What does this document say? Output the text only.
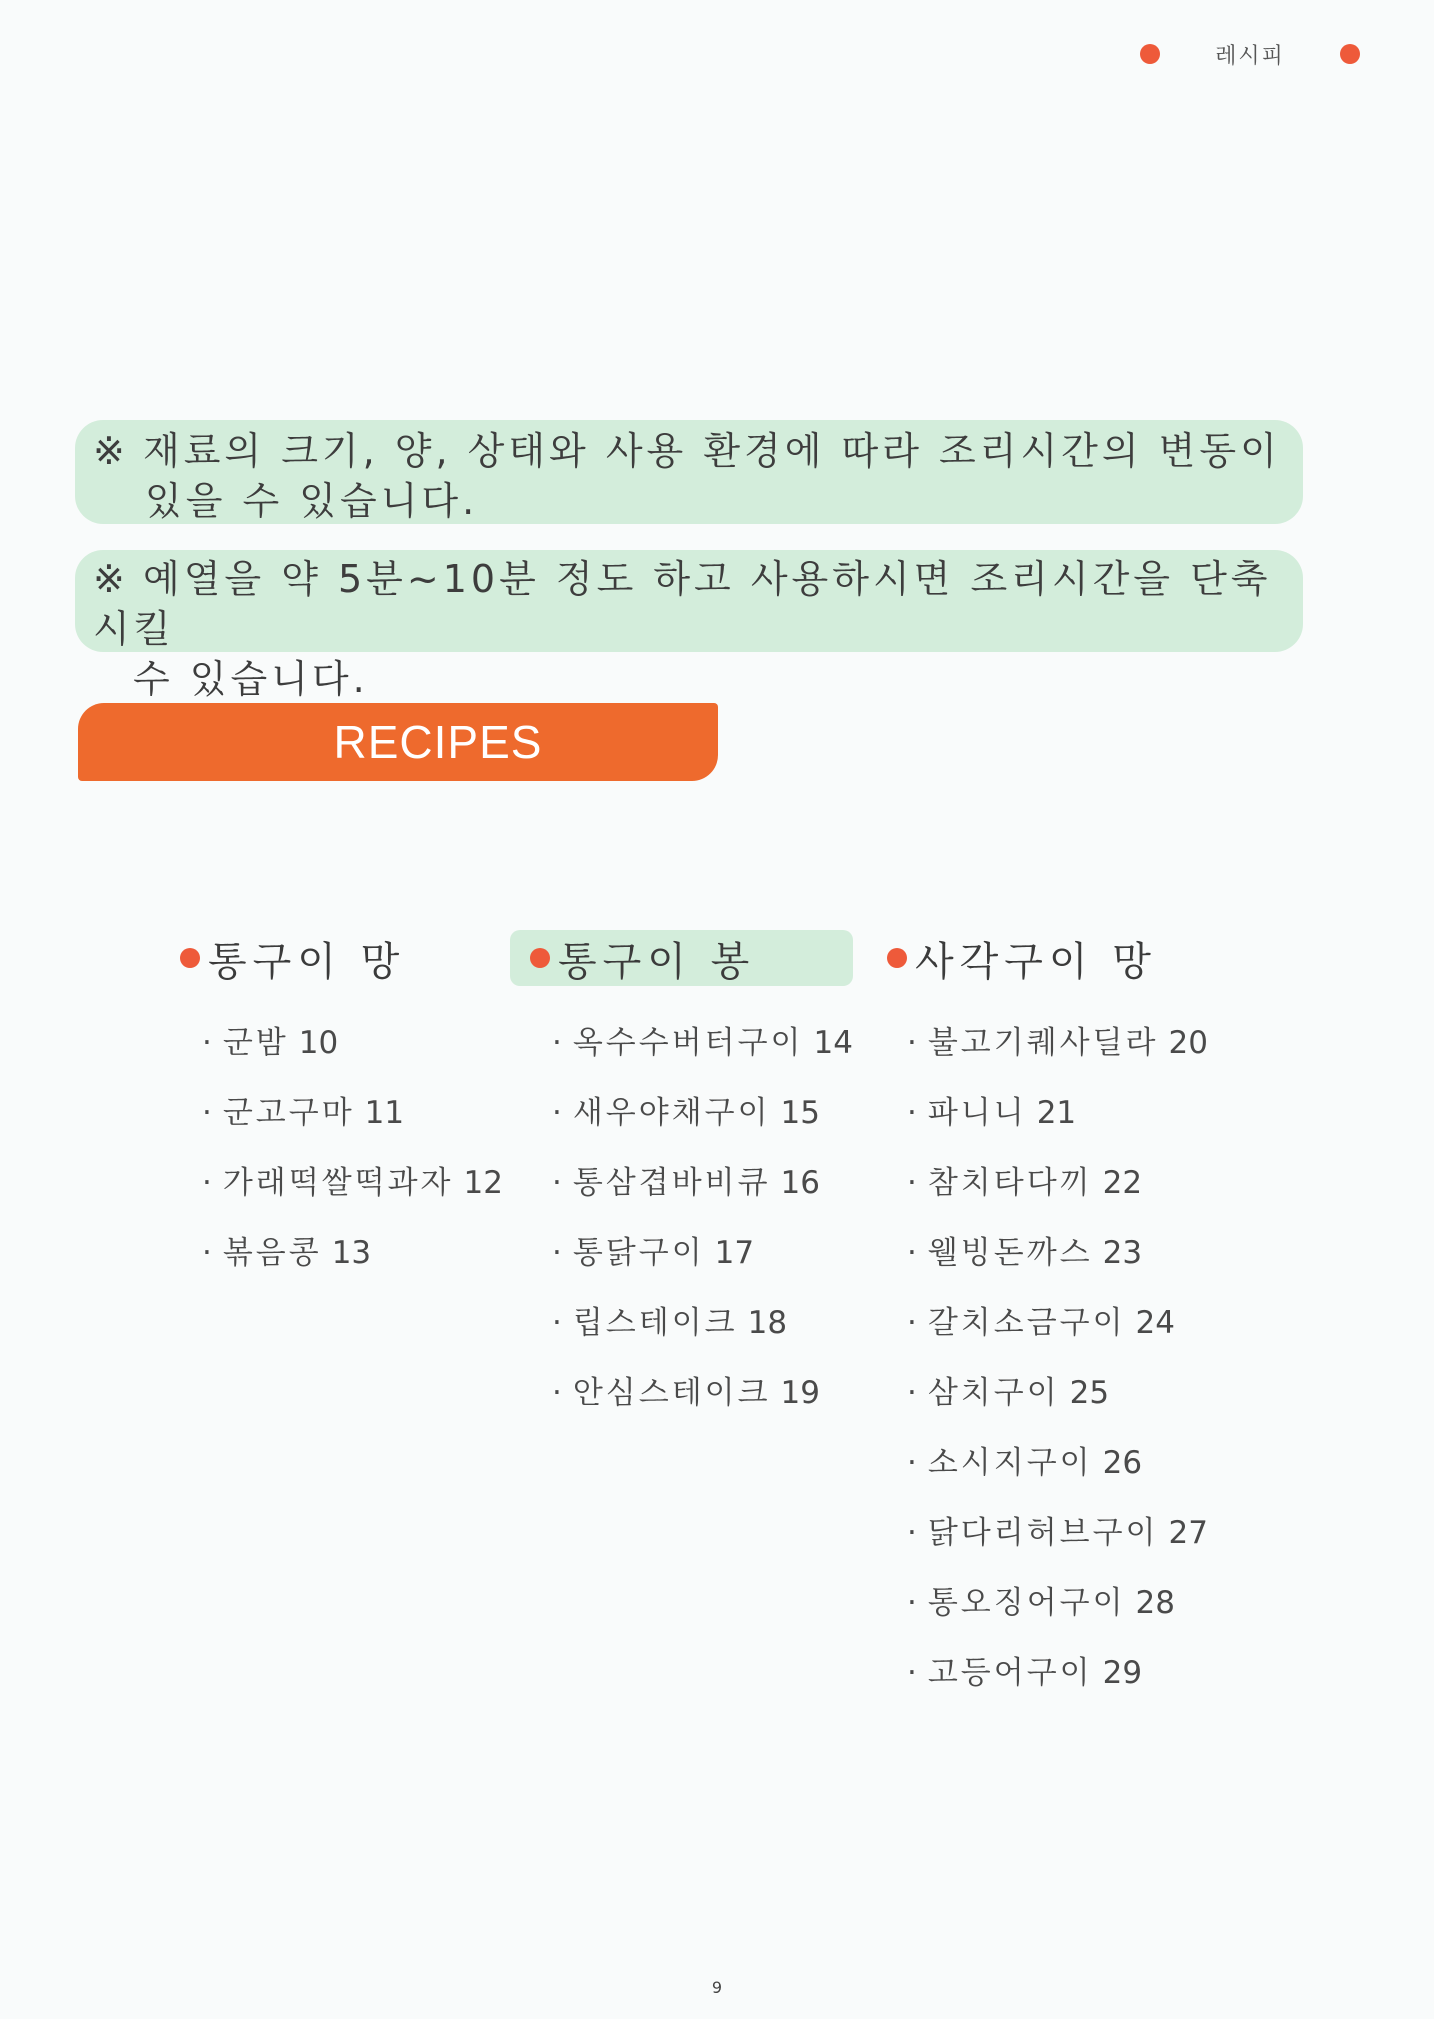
레시피
※ 재료의 크기, 양, 상태와 사용 환경에 따라 조리시간의 변동이
있을 수 있습니다.
※ 예열을 약 5분~10분 정도 하고 사용하시면 조리시간을 단축시킬
수 있습니다.
RECIPES
통구이 망
· 군밤 10
· 군고구마 11
· 가래떡쌀떡과자 12
· 볶음콩 13
통구이 봉
· 옥수수버터구이 14
· 새우야채구이 15
· 통삼겹바비큐 16
· 통닭구이 17
· 립스테이크 18
· 안심스테이크 19
사각구이 망
· 불고기퀘사딜라 20
· 파니니 21
· 참치타다끼 22
· 웰빙돈까스 23
· 갈치소금구이 24
· 삼치구이 25
· 소시지구이 26
· 닭다리허브구이 27
· 통오징어구이 28
· 고등어구이 29
9
